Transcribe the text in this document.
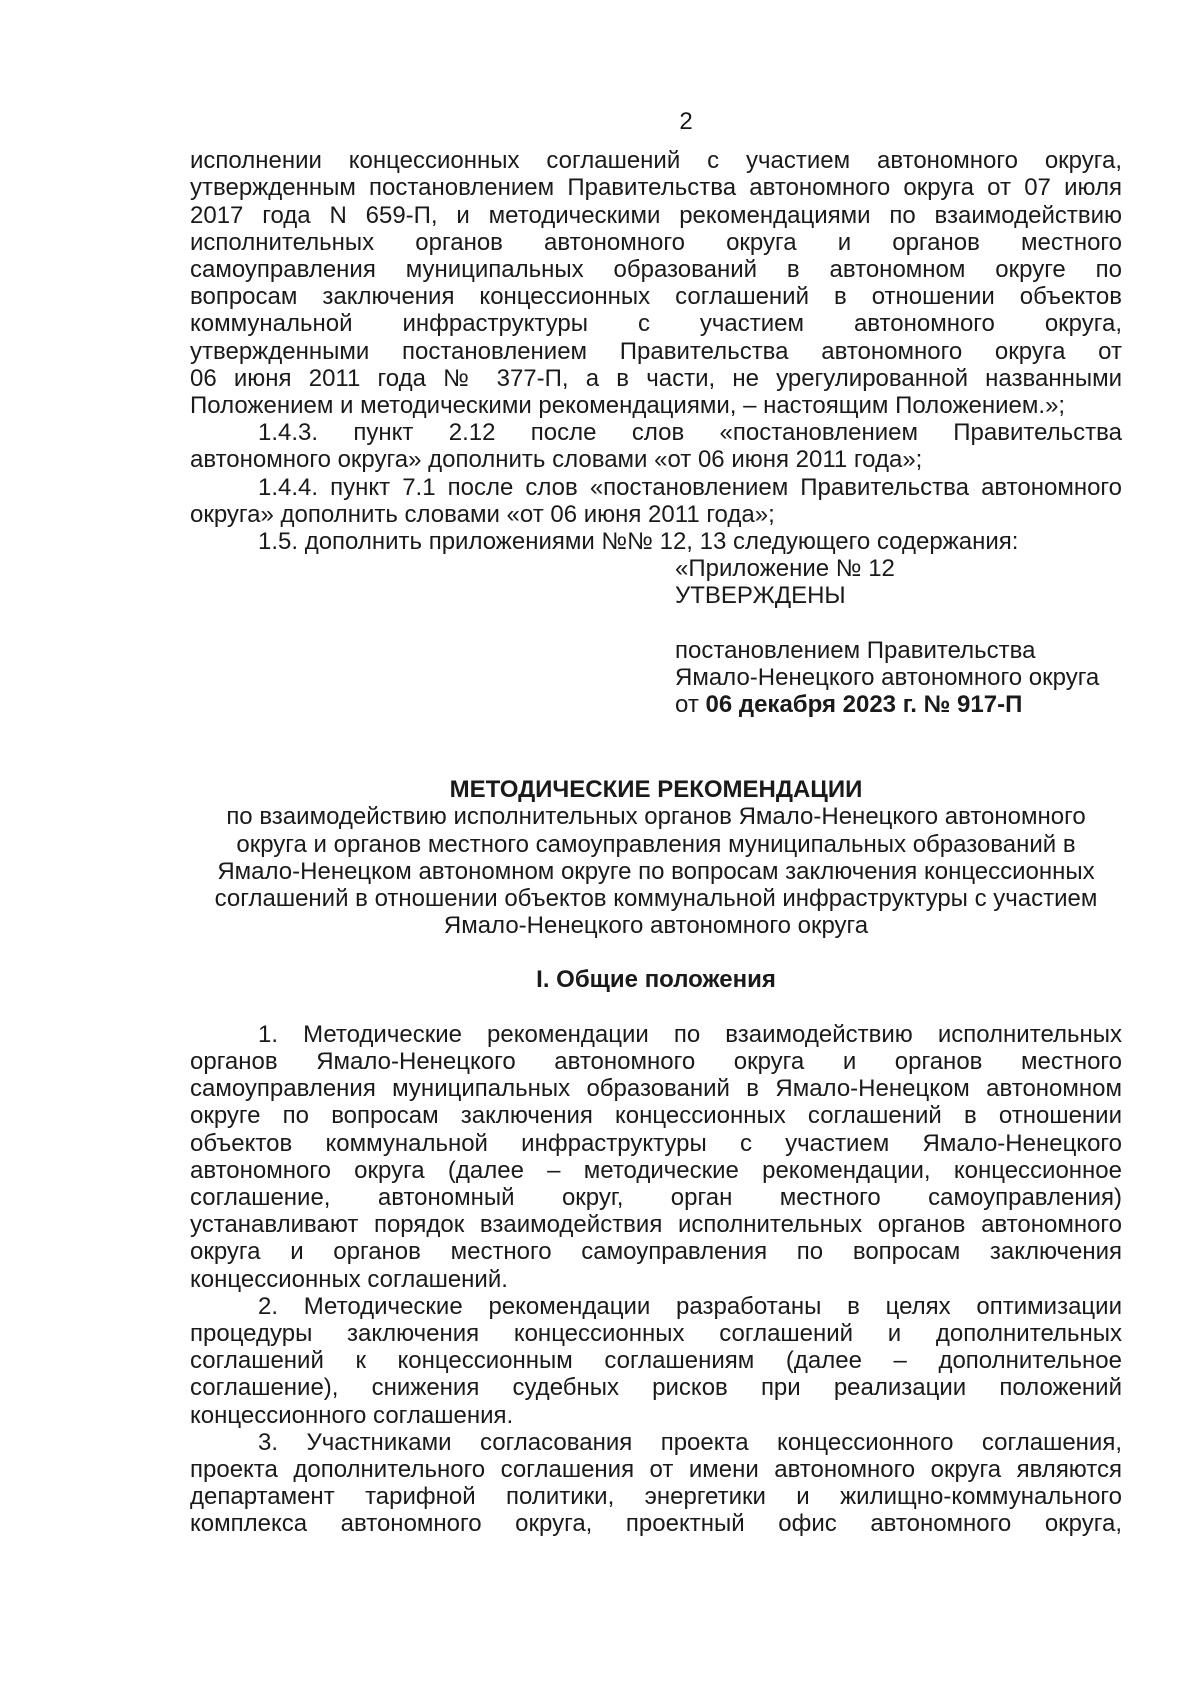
2

исполнении концессионных соглашений с участием автономного округа,

утвержденным постановлением Правительства автономного округа от 07 июля

2017 года N 659-П, и методическими рекомендациями по взаимодействию

исполнительных органов автономного округа и органов местного

самоуправления муниципальных образований в автономном округе по

вопросам заключения концессионных соглашений в отношении объектов

коммунальной инфраструктуры с участием автономного округа,

утвержденными постановлением Правительства автономного округа от

06 июня 2011 года № 377-П, а в части, не урегулированной названными

Положением и методическими рекомендациями, – настоящим Положением.»;

1.4.3. пункт 2.12 после слов «постановлением Правительства

автономного округа» дополнить словами «от 06 июня 2011 года»;

1.4.4. пункт 7.1 после слов «постановлением Правительства автономного

округа» дополнить словами «от 06 июня 2011 года»;

1.5. дополнить приложениями №№ 12, 13 следующего содержания:

«Приложение № 12

УТВЕРЖДЕНЫ

постановлением Правительства

Ямало-Ненецкого автономного округа

от 06 декабря 2023 г. № 917-П

МЕТОДИЧЕСКИЕ РЕКОМЕНДАЦИИ

по взаимодействию исполнительных органов Ямало-Ненецкого автономного

округа и органов местного самоуправления муниципальных образований в

Ямало-Ненецком автономном округе по вопросам заключения концессионных

соглашений в отношении объектов коммунальной инфраструктуры с участием

Ямало-Ненецкого автономного округа

I. Общие положения

1. Методические рекомендации по взаимодействию исполнительных

органов Ямало-Ненецкого автономного округа и органов местного

самоуправления муниципальных образований в Ямало-Ненецком автономном

округе по вопросам заключения концессионных соглашений в отношении

объектов коммунальной инфраструктуры с участием Ямало-Ненецкого

автономного округа (далее – методические рекомендации, концессионное

соглашение, автономный округ, орган местного самоуправления)

устанавливают порядок взаимодействия исполнительных органов автономного

округа и органов местного самоуправления по вопросам заключения

концессионных соглашений.

2. Методические рекомендации разработаны в целях оптимизации

процедуры заключения концессионных соглашений и дополнительных

соглашений к концессионным соглашениям (далее – дополнительное

соглашение), снижения судебных рисков при реализации положений

концессионного соглашения.

3. Участниками согласования проекта концессионного соглашения,

проекта дополнительного соглашения от имени автономного округа являются

департамент тарифной политики, энергетики и жилищно-коммунального

комплекса автономного округа, проектный офис автономного округа,
